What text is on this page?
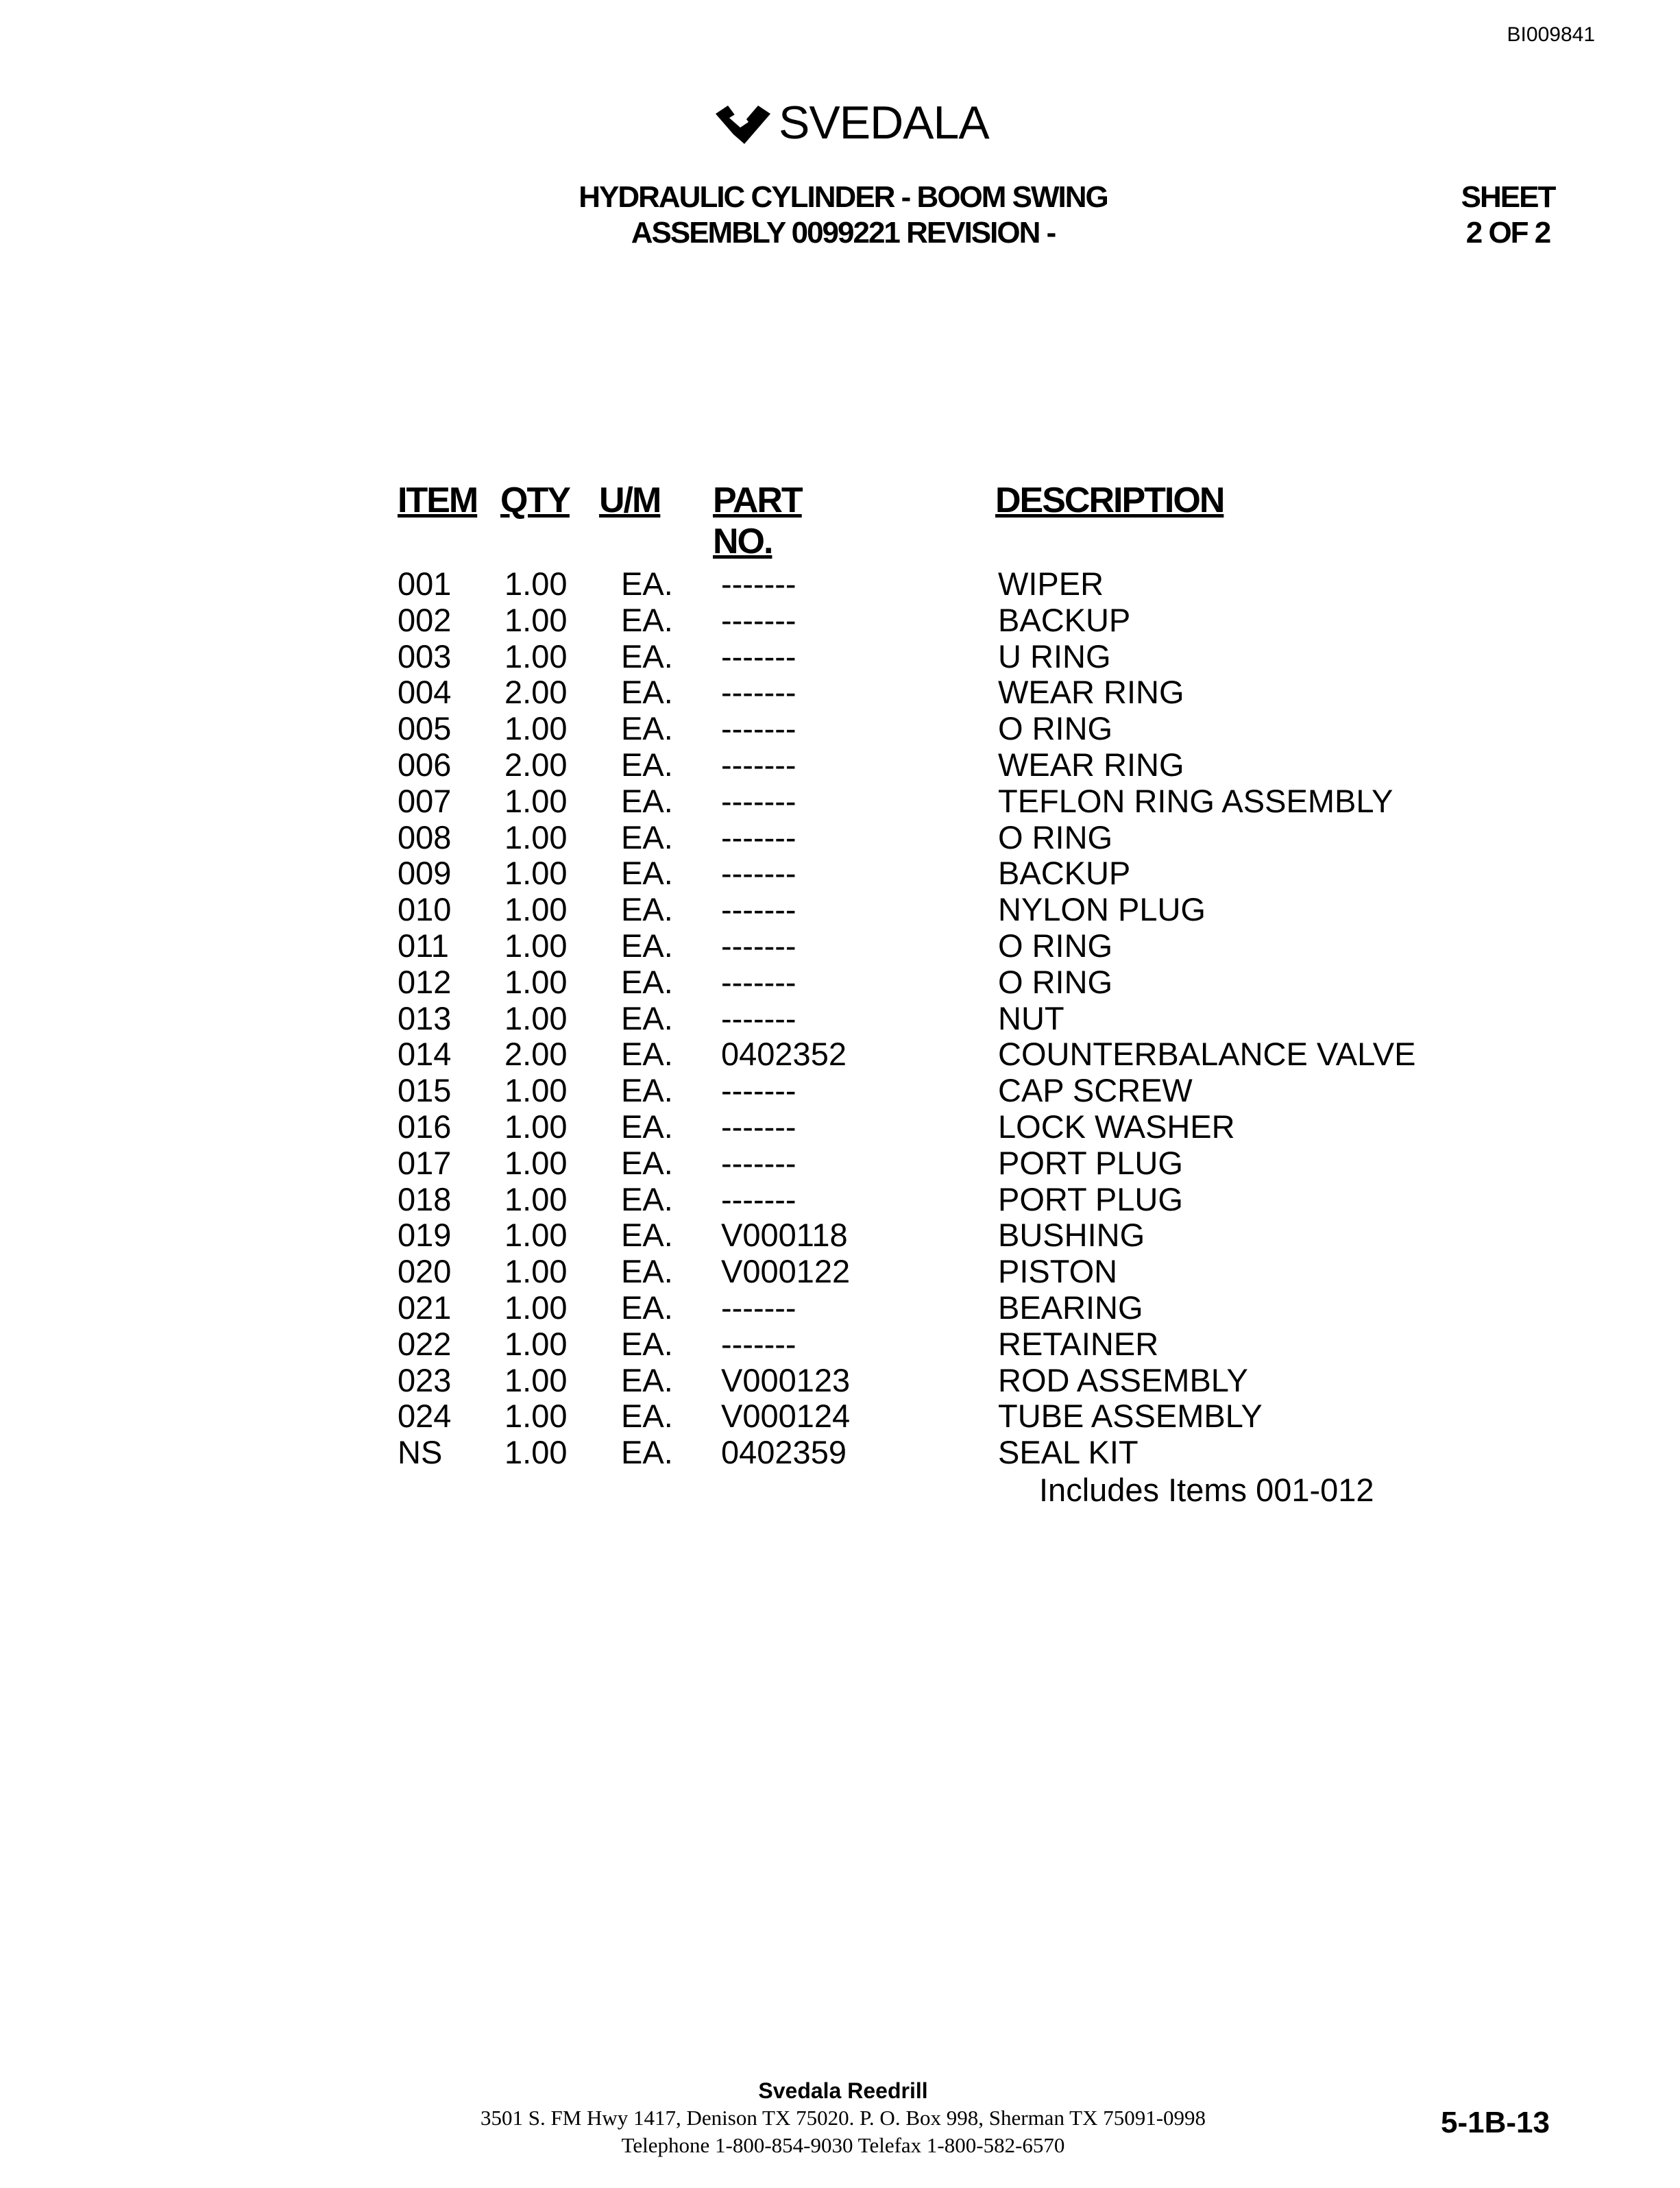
BI009841
SVEDALA
HYDRAULIC CYLINDER - BOOM SWING
ASSEMBLY 0099221 REVISION -
SHEET
2 OF 2
ITEM QTY U/M PART NO.
DESCRIPTION
001 1.00 EA. -------	WIPER
002 1.00 EA. -------	BACKUP
003 1.00 EA. -------	U RING
004 2.00 EA. -------	WEAR RING
005 1.00 EA. -------	O RING
006 2.00 EA. -------	WEAR RING
007 1.00 EA. -------	TEFLON RING ASSEMBLY
008 1.00 EA. -------	O RING
009 1.00 EA. -------	BACKUP
010 1.00 EA. -------	NYLON PLUG
011 1.00 EA. -------	O RING
012 1.00 EA. -------	O RING
013 1.00 EA. -------	NUT
014 2.00 EA. 0402352	COUNTERBALANCE VALVE
015 1.00 EA. -------	CAP SCREW
016 1.00 EA. -------	LOCK WASHER
017 1.00 EA. -------	PORT PLUG
018 1.00 EA. -------	PORT PLUG
019 1.00 EA. V000118	BUSHING
020 1.00 EA. V000122	PISTON
021 1.00 EA. -------	BEARING
022 1.00 EA. -------	RETAINER
023 1.00 EA. V000123	ROD ASSEMBLY
024 1.00 EA. V000124	TUBE ASSEMBLY
NS 1.00 EA. 0402359	SEAL KIT
Includes Items 001-012
Svedala Reedrill
3501 S. FM Hwy 1417, Denison TX 75020. P. O. Box 998, Sherman TX 75091-0998
Telephone 1-800-854-9030 Telefax 1-800-582-6570
5-1B-13
